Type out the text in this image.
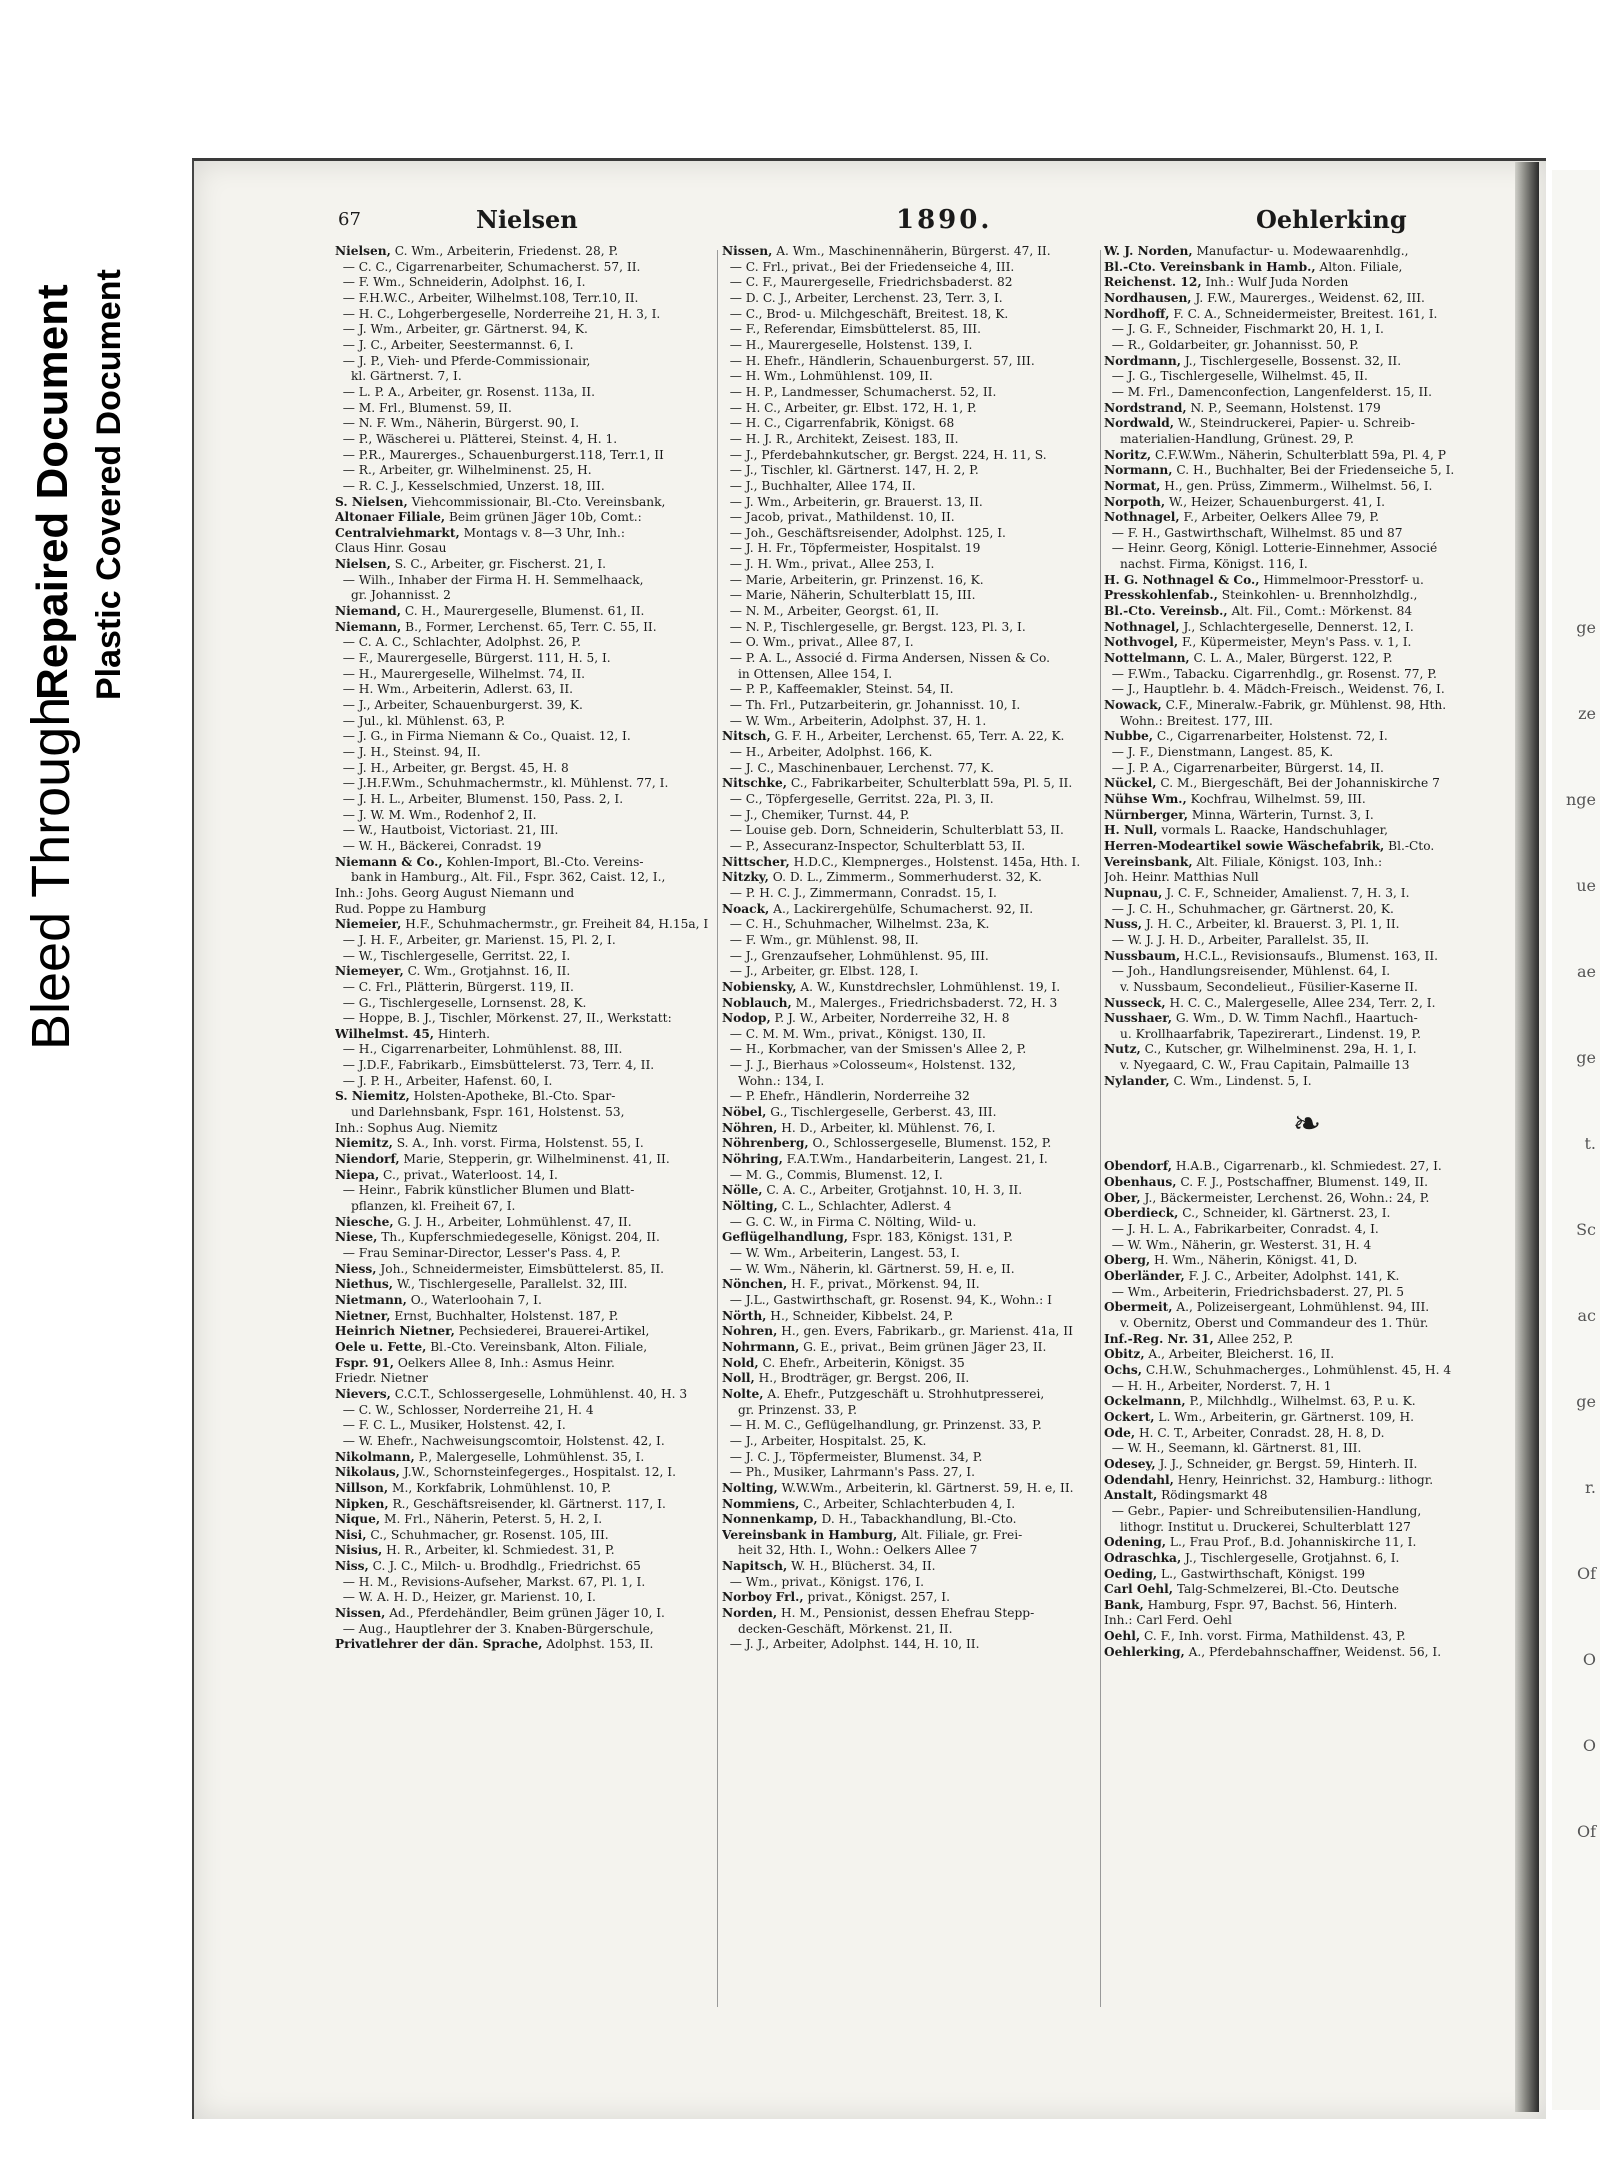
Bleed Through
Repaired Document Plastic Covered Document	ge
ze
nge
ue
ae
ge
t.
Sc
ac
ge
r.
Of
O
O
Of
67	Nielsen	1890.	Oehlerking
Nielsen, C. Wm., Arbeiterin, Friedenst. 28, P.
— C. C., Cigarrenarbeiter, Schumacherst. 57, II.
— F. Wm., Schneiderin, Adolphst. 16, I.
— F.H.W.C., Arbeiter, Wilhelmst.108, Terr.10, II.
— H. C., Lohgerbergeselle, Norderreihe 21, H. 3, I.
— J. Wm., Arbeiter, gr. Gärtnerst. 94, K.
— J. C., Arbeiter, Seestermannst. 6, I.
— J. P., Vieh- und Pferde-Commissionair,
kl. Gärtnerst. 7, I.
— L. P. A., Arbeiter, gr. Rosenst. 113a, II.
— M. Frl., Blumenst. 59, II.
— N. F. Wm., Näherin, Bürgerst. 90, I.
— P., Wäscherei u. Plätterei, Steinst. 4, H. 1.
— P.R., Maurerges., Schauenburgerst.118, Terr.1, II
— R., Arbeiter, gr. Wilhelminenst. 25, H.
— R. C. J., Kesselschmied, Unzerst. 18, III.
S. Nielsen, Viehcommissionair, Bl.-Cto. Vereinsbank,
Altonaer Filiale, Beim grünen Jäger 10b, Comt.:
Centralviehmarkt, Montags v. 8—3 Uhr, Inh.:
Claus Hinr. Gosau
Nielsen, S. C., Arbeiter, gr. Fischerst. 21, I.
— Wilh., Inhaber der Firma H. H. Semmelhaack,
gr. Johannisst. 2
Niemand, C. H., Maurergeselle, Blumenst. 61, II.
Niemann, B., Former, Lerchenst. 65, Terr. C. 55, II.
— C. A. C., Schlachter, Adolphst. 26, P.
— F., Maurergeselle, Bürgerst. 111, H. 5, I.
— H., Maurergeselle, Wilhelmst. 74, II.
— H. Wm., Arbeiterin, Adlerst. 63, II.
— J., Arbeiter, Schauenburgerst. 39, K.
— Jul., kl. Mühlenst. 63, P.
— J. G., in Firma Niemann & Co., Quaist. 12, I.
— J. H., Steinst. 94, II.
— J. H., Arbeiter, gr. Bergst. 45, H. 8
— J.H.F.Wm., Schuhmachermstr., kl. Mühlenst. 77, I.
— J. H. L., Arbeiter, Blumenst. 150, Pass. 2, I.
— J. W. M. Wm., Rodenhof 2, II.
— W., Hautboist, Victoriast. 21, III.
— W. H., Bäckerei, Conradst. 19
Niemann & Co., Kohlen-Import, Bl.-Cto. Vereins-
bank in Hamburg., Alt. Fil., Fspr. 362, Caist. 12, I.,
Inh.: Johs. Georg August Niemann und
Rud. Poppe zu Hamburg
Niemeier, H.F., Schuhmachermstr., gr. Freiheit 84, H.15a, I
— J. H. F., Arbeiter, gr. Marienst. 15, Pl. 2, I.
— W., Tischlergeselle, Gerritst. 22, I.
Niemeyer, C. Wm., Grotjahnst. 16, II.
— C. Frl., Plätterin, Bürgerst. 119, II.
— G., Tischlergeselle, Lornsenst. 28, K.
— Hoppe, B. J., Tischler, Mörkenst. 27, II., Werkstatt:
Wilhelmst. 45, Hinterh.
— H., Cigarrenarbeiter, Lohmühlenst. 88, III.
— J.D.F., Fabrikarb., Eimsbüttelerst. 73, Terr. 4, II.
— J. P. H., Arbeiter, Hafenst. 60, I.
S. Niemitz, Holsten-Apotheke, Bl.-Cto. Spar-
und Darlehnsbank, Fspr. 161, Holstenst. 53,
Inh.: Sophus Aug. Niemitz
Niemitz, S. A., Inh. vorst. Firma, Holstenst. 55, I.
Niendorf, Marie, Stepperin, gr. Wilhelminenst. 41, II.
Niepa, C., privat., Waterloost. 14, I.
— Heinr., Fabrik künstlicher Blumen und Blatt-
pflanzen, kl. Freiheit 67, I.
Niesche, G. J. H., Arbeiter, Lohmühlenst. 47, II.
Niese, Th., Kupferschmiedegeselle, Königst. 204, II.
— Frau Seminar-Director, Lesser's Pass. 4, P.
Niess, Joh., Schneidermeister, Eimsbüttelerst. 85, II.
Niethus, W., Tischlergeselle, Parallelst. 32, III.
Nietmann, O., Waterloohain 7, I.
Nietner, Ernst, Buchhalter, Holstenst. 187, P.
Heinrich Nietner, Pechsiederei, Brauerei-Artikel,
Oele u. Fette, Bl.-Cto. Vereinsbank, Alton. Filiale,
Fspr. 91, Oelkers Allee 8, Inh.: Asmus Heinr.
Friedr. Nietner
Nievers, C.C.T., Schlossergeselle, Lohmühlenst. 40, H. 3
— C. W., Schlosser, Norderreihe 21, H. 4
— F. C. L., Musiker, Holstenst. 42, I.
— W. Ehefr., Nachweisungscomtoir, Holstenst. 42, I.
Nikolmann, P., Malergeselle, Lohmühlenst. 35, I.
Nikolaus, J.W., Schornsteinfegerges., Hospitalst. 12, I.
Nillson, M., Korkfabrik, Lohmühlenst. 10, P.
Nipken, R., Geschäftsreisender, kl. Gärtnerst. 117, I.
Nique, M. Frl., Näherin, Peterst. 5, H. 2, I.
Nisi, C., Schuhmacher, gr. Rosenst. 105, III.
Nisius, H. R., Arbeiter, kl. Schmiedest. 31, P.
Niss, C. J. C., Milch- u. Brodhdlg., Friedrichst. 65
— H. M., Revisions-Aufseher, Markst. 67, Pl. 1, I.
— W. A. H. D., Heizer, gr. Marienst. 10, I.
Nissen, Ad., Pferdehändler, Beim grünen Jäger 10, I.
— Aug., Hauptlehrer der 3. Knaben-Bürgerschule,
Privatlehrer der dän. Sprache, Adolphst. 153, II.
Nissen, A. Wm., Maschinennäherin, Bürgerst. 47, II.
— C. Frl., privat., Bei der Friedenseiche 4, III.
— C. F., Maurergeselle, Friedrichsbaderst. 82
— D. C. J., Arbeiter, Lerchenst. 23, Terr. 3, I.
— C., Brod- u. Milchgeschäft, Breitest. 18, K.
— F., Referendar, Eimsbüttelerst. 85, III.
— H., Maurergeselle, Holstenst. 139, I.
— H. Ehefr., Händlerin, Schauenburgerst. 57, III.
— H. Wm., Lohmühlenst. 109, II.
— H. P., Landmesser, Schumacherst. 52, II.
— H. C., Arbeiter, gr. Elbst. 172, H. 1, P.
— H. C., Cigarrenfabrik, Königst. 68
— H. J. R., Architekt, Zeisest. 183, II.
— J., Pferdebahnkutscher, gr. Bergst. 224, H. 11, S.
— J., Tischler, kl. Gärtnerst. 147, H. 2, P.
— J., Buchhalter, Allee 174, II.
— J. Wm., Arbeiterin, gr. Brauerst. 13, II.
— Jacob, privat., Mathildenst. 10, II.
— Joh., Geschäftsreisender, Adolphst. 125, I.
— J. H. Fr., Töpfermeister, Hospitalst. 19
— J. H. Wm., privat., Allee 253, I.
— Marie, Arbeiterin, gr. Prinzenst. 16, K.
— Marie, Näherin, Schulterblatt 15, III.
— N. M., Arbeiter, Georgst. 61, II.
— N. P., Tischlergeselle, gr. Bergst. 123, Pl. 3, I.
— O. Wm., privat., Allee 87, I.
— P. A. L., Associé d. Firma Andersen, Nissen & Co.
in Ottensen, Allee 154, I.
— P. P., Kaffeemakler, Steinst. 54, II.
— Th. Frl., Putzarbeiterin, gr. Johannisst. 10, I.
— W. Wm., Arbeiterin, Adolphst. 37, H. 1.
Nitsch, G. F. H., Arbeiter, Lerchenst. 65, Terr. A. 22, K.
— H., Arbeiter, Adolphst. 166, K.
— J. C., Maschinenbauer, Lerchenst. 77, K.
Nitschke, C., Fabrikarbeiter, Schulterblatt 59a, Pl. 5, II.
— C., Töpfergeselle, Gerritst. 22a, Pl. 3, II.
— J., Chemiker, Turnst. 44, P.
— Louise geb. Dorn, Schneiderin, Schulterblatt 53, II.
— P., Assecuranz-Inspector, Schulterblatt 53, II.
Nittscher, H.D.C., Klempnerges., Holstenst. 145a, Hth. I.
Nitzky, O. D. L., Zimmerm., Sommerhuderst. 32, K.
— P. H. C. J., Zimmermann, Conradst. 15, I.
Noack, A., Lackirergehülfe, Schumacherst. 92, II.
— C. H., Schuhmacher, Wilhelmst. 23a, K.
— F. Wm., gr. Mühlenst. 98, II.
— J., Grenzaufseher, Lohmühlenst. 95, III.
— J., Arbeiter, gr. Elbst. 128, I.
Nobiensky, A. W., Kunstdrechsler, Lohmühlenst. 19, I.
Noblauch, M., Malerges., Friedrichsbaderst. 72, H. 3
Nodop, P. J. W., Arbeiter, Norderreihe 32, H. 8
— C. M. M. Wm., privat., Königst. 130, II.
— H., Korbmacher, van der Smissen's Allee 2, P.
— J. J., Bierhaus »Colosseum«, Holstenst. 132,
Wohn.: 134, I.
— P. Ehefr., Händlerin, Norderreihe 32
Nöbel, G., Tischlergeselle, Gerberst. 43, III.
Nöhren, H. D., Arbeiter, kl. Mühlenst. 76, I.
Nöhrenberg, O., Schlossergeselle, Blumenst. 152, P.
Nöhring, F.A.T.Wm., Handarbeiterin, Langest. 21, I.
— M. G., Commis, Blumenst. 12, I.
Nölle, C. A. C., Arbeiter, Grotjahnst. 10, H. 3, II.
Nölting, C. L., Schlachter, Adlerst. 4
— G. C. W., in Firma C. Nölting, Wild- u.
Geflügelhandlung, Fspr. 183, Königst. 131, P.
— W. Wm., Arbeiterin, Langest. 53, I.
— W. Wm., Näherin, kl. Gärtnerst. 59, H. e, II.
Nönchen, H. F., privat., Mörkenst. 94, II.
— J.L., Gastwirthschaft, gr. Rosenst. 94, K., Wohn.: I
Nörth, H., Schneider, Kibbelst. 24, P.
Nohren, H., gen. Evers, Fabrikarb., gr. Marienst. 41a, II
Nohrmann, G. E., privat., Beim grünen Jäger 23, II.
Nold, C. Ehefr., Arbeiterin, Königst. 35
Noll, H., Brodträger, gr. Bergst. 206, II.
Nolte, A. Ehefr., Putzgeschäft u. Strohhutpresserei,
gr. Prinzenst. 33, P.
— H. M. C., Geflügelhandlung, gr. Prinzenst. 33, P.
— J., Arbeiter, Hospitalst. 25, K.
— J. C. J., Töpfermeister, Blumenst. 34, P.
— Ph., Musiker, Lahrmann's Pass. 27, I.
Nolting, W.W.Wm., Arbeiterin, kl. Gärtnerst. 59, H. e, II.
Nommiens, C., Arbeiter, Schlachterbuden 4, I.
Nonnenkamp, D. H., Tabackhandlung, Bl.-Cto.
Vereinsbank in Hamburg, Alt. Filiale, gr. Frei-
heit 32, Hth. I., Wohn.: Oelkers Allee 7
Napitsch, W. H., Blücherst. 34, II.
— Wm., privat., Königst. 176, I.
Norboy Frl., privat., Königst. 257, I.
Norden, H. M., Pensionist, dessen Ehefrau Stepp-
decken-Geschäft, Mörkenst. 21, II.
— J. J., Arbeiter, Adolphst. 144, H. 10, II.
W. J. Norden, Manufactur- u. Modewaarenhdlg.,
Bl.-Cto. Vereinsbank in Hamb., Alton. Filiale,
Reichenst. 12, Inh.: Wulf Juda Norden
Nordhausen, J. F.W., Maurerges., Weidenst. 62, III.
Nordhoff, F. C. A., Schneidermeister, Breitest. 161, I.
— J. G. F., Schneider, Fischmarkt 20, H. 1, I.
— R., Goldarbeiter, gr. Johannisst. 50, P.
Nordmann, J., Tischlergeselle, Bossenst. 32, II.
— J. G., Tischlergeselle, Wilhelmst. 45, II.
— M. Frl., Damenconfection, Langenfelderst. 15, II.
Nordstrand, N. P., Seemann, Holstenst. 179
Nordwald, W., Steindruckerei, Papier- u. Schreib-
materialien-Handlung, Grünest. 29, P.
Noritz, C.F.W.Wm., Näherin, Schulterblatt 59a, Pl. 4, P
Normann, C. H., Buchhalter, Bei der Friedenseiche 5, I.
Normat, H., gen. Prüss, Zimmerm., Wilhelmst. 56, I.
Norpoth, W., Heizer, Schauenburgerst. 41, I.
Nothnagel, F., Arbeiter, Oelkers Allee 79, P.
— F. H., Gastwirthschaft, Wilhelmst. 85 und 87
— Heinr. Georg, Königl. Lotterie-Einnehmer, Associé
nachst. Firma, Königst. 116, I.
H. G. Nothnagel & Co., Himmelmoor-Presstorf- u.
Presskohlenfab., Steinkohlen- u. Brennholzhdlg.,
Bl.-Cto. Vereinsb., Alt. Fil., Comt.: Mörkenst. 84
Nothnagel, J., Schlachtergeselle, Dennerst. 12, I.
Nothvogel, F., Küpermeister, Meyn's Pass. v. 1, I.
Nottelmann, C. L. A., Maler, Bürgerst. 122, P.
— F.Wm., Tabacku. Cigarrenhdlg., gr. Rosenst. 77, P.
— J., Hauptlehr. b. 4. Mädch-Freisch., Weidenst. 76, I.
Nowack, C.F., Mineralw.-Fabrik, gr. Mühlenst. 98, Hth.
Wohn.: Breitest. 177, III.
Nubbe, C., Cigarrenarbeiter, Holstenst. 72, I.
— J. F., Dienstmann, Langest. 85, K.
— J. P. A., Cigarrenarbeiter, Bürgerst. 14, II.
Nückel, C. M., Biergeschäft, Bei der Johanniskirche 7
Nühse Wm., Kochfrau, Wilhelmst. 59, III.
Nürnberger, Minna, Wärterin, Turnst. 3, I.
H. Null, vormals L. Raacke, Handschuhlager,
Herren-Modeartikel sowie Wäschefabrik, Bl.-Cto.
Vereinsbank, Alt. Filiale, Königst. 103, Inh.:
Joh. Heinr. Matthias Null
Nupnau, J. C. F., Schneider, Amalienst. 7, H. 3, I.
— J. C. H., Schuhmacher, gr. Gärtnerst. 20, K.
Nuss, J. H. C., Arbeiter, kl. Brauerst. 3, Pl. 1, II.
— W. J. J. H. D., Arbeiter, Parallelst. 35, II.
Nussbaum, H.C.L., Revisionsaufs., Blumenst. 163, II.
— Joh., Handlungsreisender, Mühlenst. 64, I.
v. Nussbaum, Secondelieut., Füsilier-Kaserne II.
Nusseck, H. C. C., Malergeselle, Allee 234, Terr. 2, I.
Nusshaer, G. Wm., D. W. Timm Nachfl., Haartuch-
u. Krollhaarfabrik, Tapezirerart., Lindenst. 19, P.
Nutz, C., Kutscher, gr. Wilhelminenst. 29a, H. 1, I.
v. Nyegaard, C. W., Frau Capitain, Palmaille 13
Nylander, C. Wm., Lindenst. 5, I.
❧
Obendorf, H.A.B., Cigarrenarb., kl. Schmiedest. 27, I.
Obenhaus, C. F. J., Postschaffner, Blumenst. 149, II.
Ober, J., Bäckermeister, Lerchenst. 26, Wohn.: 24, P.
Oberdieck, C., Schneider, kl. Gärtnerst. 23, I.
— J. H. L. A., Fabrikarbeiter, Conradst. 4, I.
— W. Wm., Näherin, gr. Westerst. 31, H. 4
Oberg, H. Wm., Näherin, Königst. 41, D.
Oberländer, F. J. C., Arbeiter, Adolphst. 141, K.
— Wm., Arbeiterin, Friedrichsbaderst. 27, Pl. 5
Obermeit, A., Polizeisergeant, Lohmühlenst. 94, III.
v. Obernitz, Oberst und Commandeur des 1. Thür.
Inf.-Reg. Nr. 31, Allee 252, P.
Obitz, A., Arbeiter, Bleicherst. 16, II.
Ochs, C.H.W., Schuhmacherges., Lohmühlenst. 45, H. 4
— H. H., Arbeiter, Norderst. 7, H. 1
Ockelmann, P., Milchhdlg., Wilhelmst. 63, P. u. K.
Ockert, L. Wm., Arbeiterin, gr. Gärtnerst. 109, H.
Ode, H. C. T., Arbeiter, Conradst. 28, H. 8, D.
— W. H., Seemann, kl. Gärtnerst. 81, III.
Odesey, J. J., Schneider, gr. Bergst. 59, Hinterh. II.
Odendahl, Henry, Heinrichst. 32, Hamburg.: lithogr.
Anstalt, Rödingsmarkt 48
— Gebr., Papier- und Schreibutensilien-Handlung,
lithogr. Institut u. Druckerei, Schulterblatt 127
Odening, L., Frau Prof., B.d. Johanniskirche 11, I.
Odraschka, J., Tischlergeselle, Grotjahnst. 6, I.
Oeding, L., Gastwirthschaft, Königst. 199
Carl Oehl, Talg-Schmelzerei, Bl.-Cto. Deutsche
Bank, Hamburg, Fspr. 97, Bachst. 56, Hinterh.
Inh.: Carl Ferd. Oehl
Oehl, C. F., Inh. vorst. Firma, Mathildenst. 43, P.
Oehlerking, A., Pferdebahnschaffner, Weidenst. 56, I.
